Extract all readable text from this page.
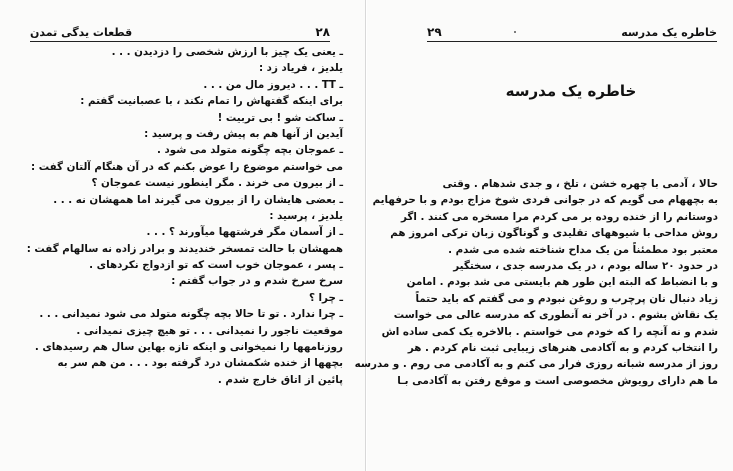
قطعات یدگی تمدن	۲۸
ـ یعنی یک چیز با ارزش شخصی را دزدیدن . . .
یلدیز ، فریاد زد :
ـ ТТ . . . دیروز مال من . . .
برای اینکه گفتهاش را تمام نکند ، با عصبانیت گفتم :
ـ ساکت شو ! بی تربیت !
آیدین از آنها هم به پیش رفت و پرسید :
ـ عموجان بچه چگونه متولد می شود .
می خواستم موضوع را عوض بکنم که در آن هنگام آلتان گفت :
ـ از بیرون می خرند . مگر اینطور نیست عموجان ؟
ـ بعضی هایشان را از بیرون می گیرند اما همهشان نه . . .
یلدیز ، پرسید :
ـ از آسمان مگر فرشتهها میآورند ؟ . . .
همهشان با حالت تمسخر خندیدند و برادر زاده نه سالهام گفت :
ـ پسر ، عموجان خوب است که تو ازدواج نکردهای .
سرخ سرخ شدم و در جواب گفتم :
ـ چرا ؟
ـ چرا ندارد . تو تا حالا بچه چگونه متولد می شود نمیدانی . . .
موقعیت ناجور را نمیدانی . . . تو هیچ چیزی نمیدانی .
روزنامهها را نمیخوانی و اینکه تازه بهاین سال هم رسیدهای .
بچهها از خنده شکمشان درد گرفته بود . . . من هم سر به
پائین از اتاق خارج شدم .
۲۹	خاطره یک مدرسه
خاطره یک مدرسه
حالا ، آدمی با چهره خشن ، تلخ ، و جدی شدهام . وقتی
به بچههام می گویم که در جوانی فردی شوخ مزاج بودم و با حرفهایم
دوستانم را از خنده روده بر می کردم مرا مسخره می کنند . اگر
روش مداحی با شیوههای تقلیدی و گوناگون زبان ترکی امروز هم
معتبر بود مطمئناً من یک مداح شناخته شده می شدم .
در حدود ۲۰ ساله بودم ، در یک مدرسه جدی ، سختگیر
و با انضباط که البته این طور هم بایستی می شد بودم . امامن
زیاد دنبال نان پرچرب و روغن نبودم و می گفتم که باید حتماً
یک نقاش بشوم . در آخر نه آنطوری که مدرسه عالی می خواست
شدم و نه آنچه را که خودم می خواستم . بالاخره یک کمی ساده اش
را انتخاب کردم و به آکادمی هنرهای زیبایی ثبت نام کردم . هر
روز از مدرسه شبانه روزی فرار می کنم و به آکادمی می روم . و مدرسه
ما هم دارای رویوش مخصوصی است و موقع رفتن به آکادمی بـا
